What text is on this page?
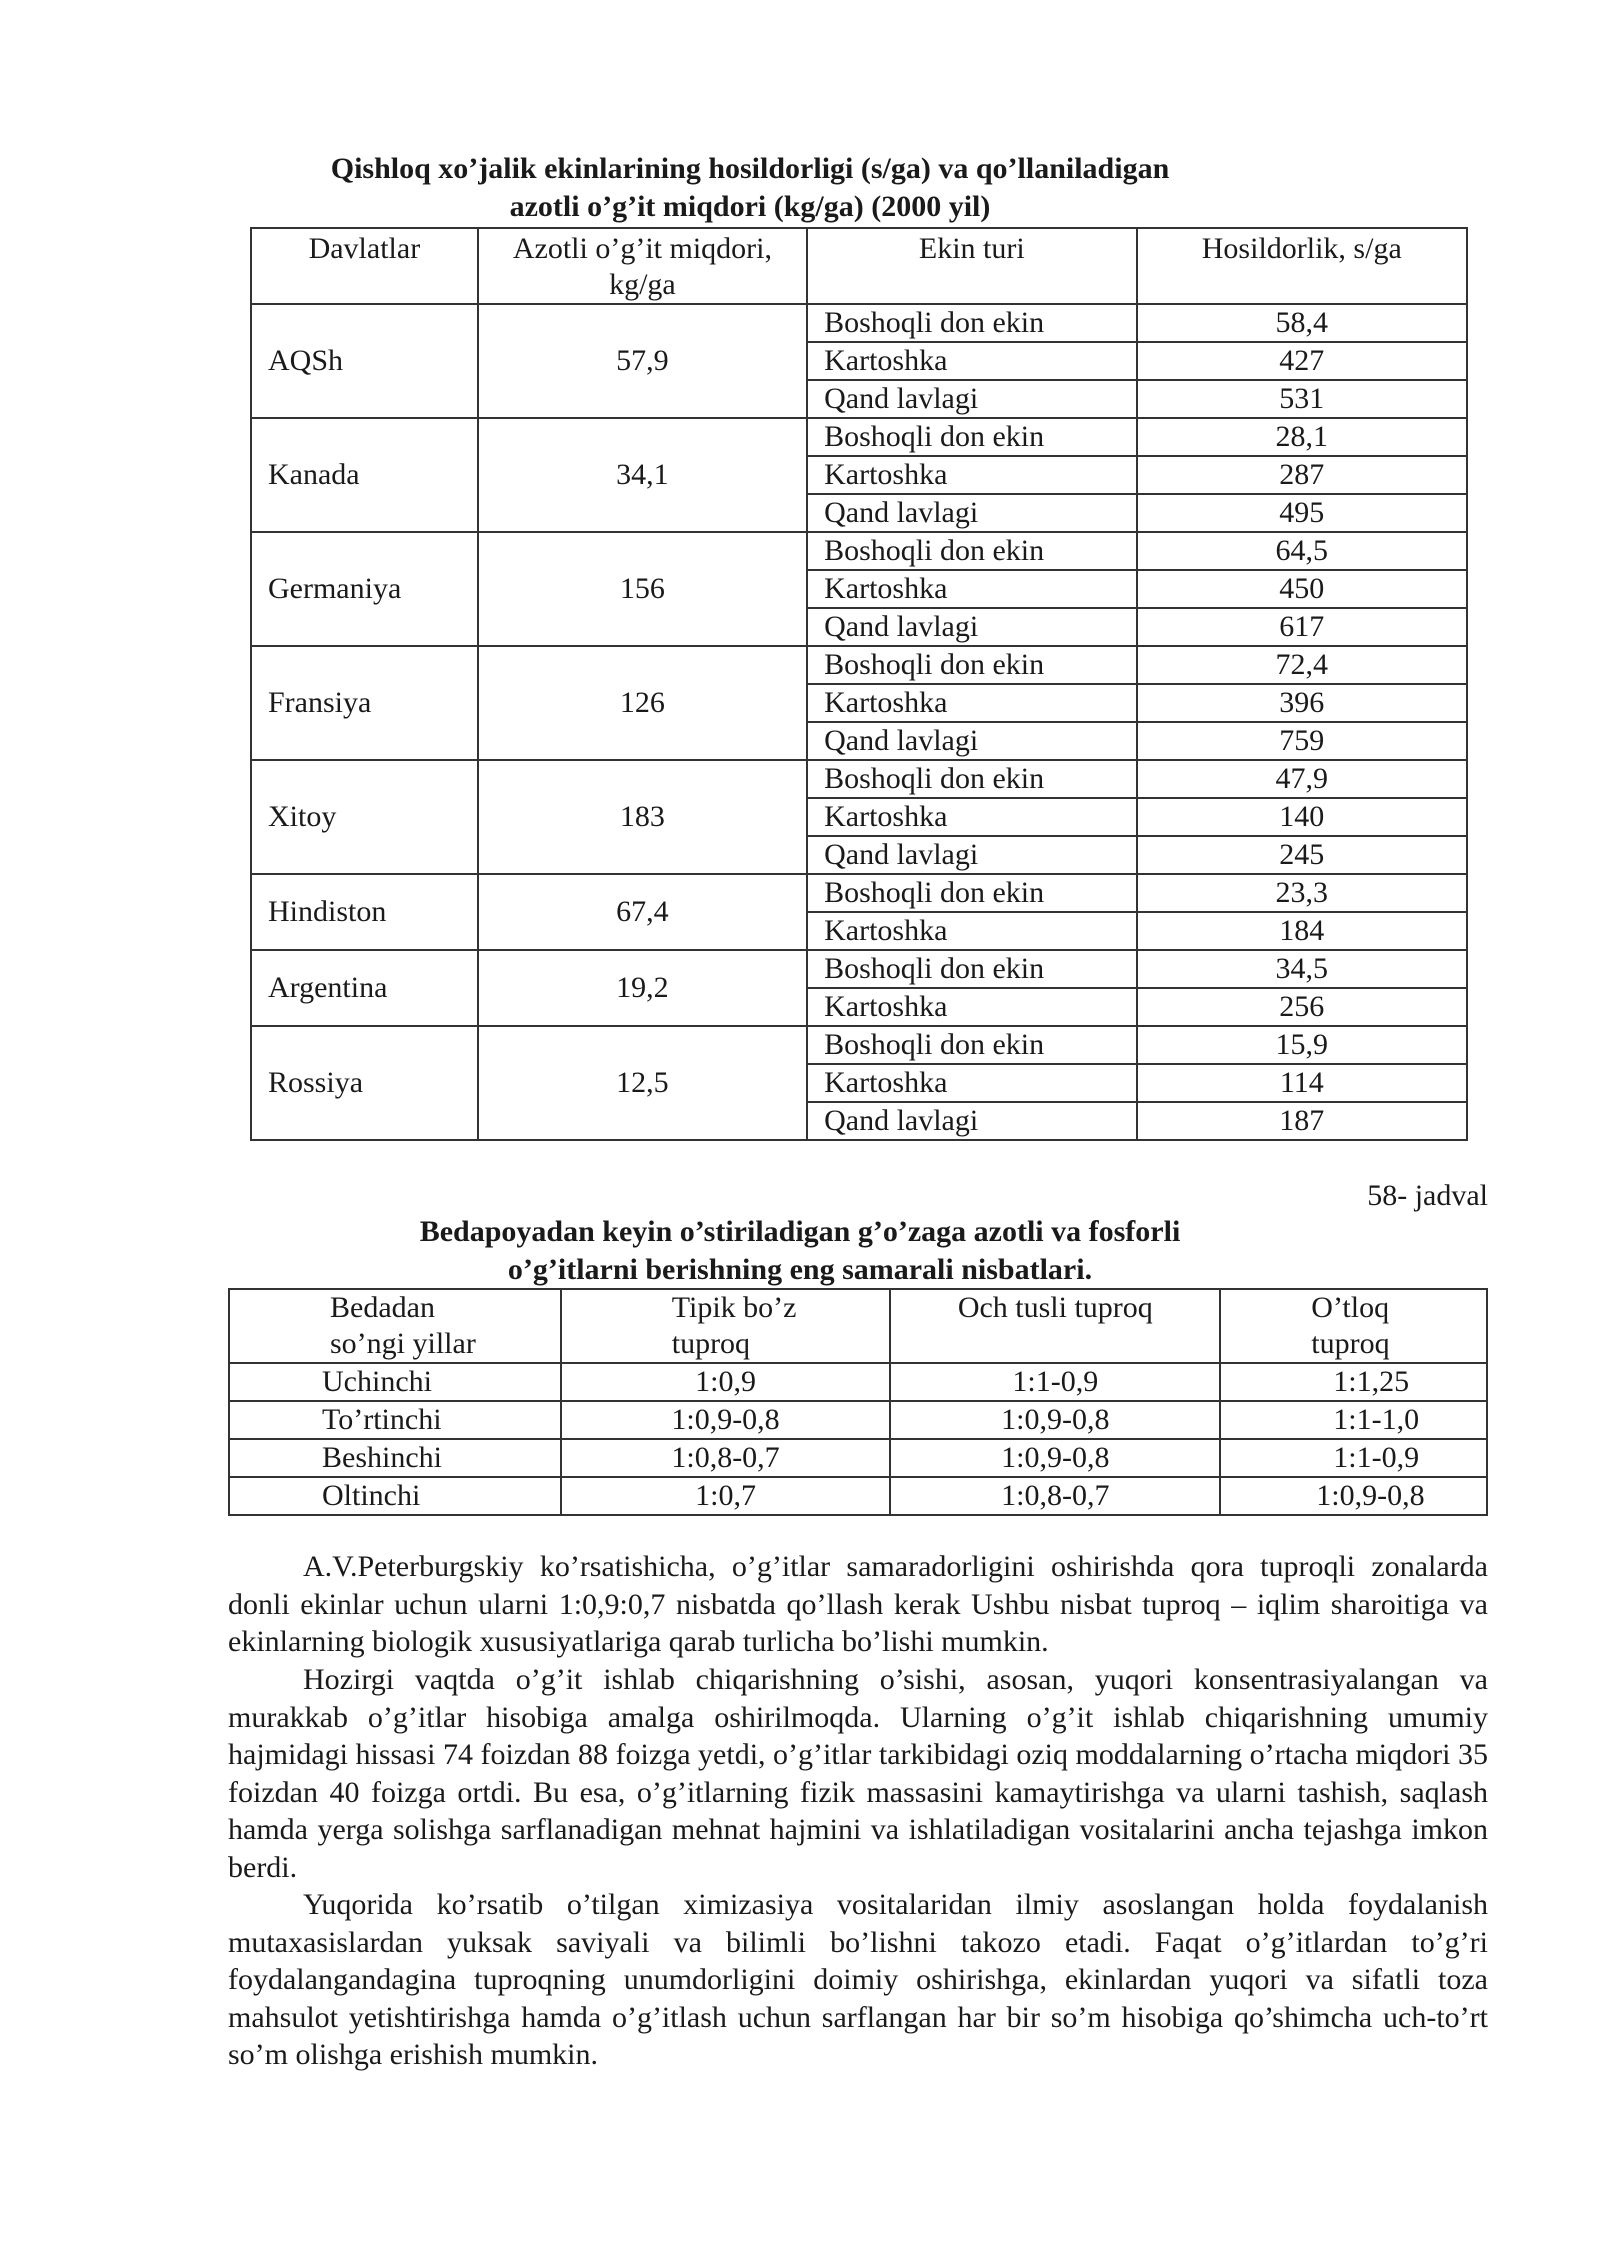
Qishloq xo’jalik ekinlarining hosildorligi (s/ga) va qo’llaniladigan
azotli o’g’it miqdori (kg/ga) (2000 yil)
Davlatlar	Azotli o’g’it miqdori, kg/ga	Ekin turi	Hosildorlik, s/ga
AQSh	57,9	Boshoqli don ekin	58,4
		Kartoshka	427
		Qand lavlagi	531
Kanada	34,1	Boshoqli don ekin	28,1
		Kartoshka	287
		Qand lavlagi	495
Germaniya	156	Boshoqli don ekin	64,5
		Kartoshka	450
		Qand lavlagi	617
Fransiya	126	Boshoqli don ekin	72,4
		Kartoshka	396
		Qand lavlagi	759
Xitoy	183	Boshoqli don ekin	47,9
		Kartoshka	140
		Qand lavlagi	245
Hindiston	67,4	Boshoqli don ekin	23,3
		Kartoshka	184
Argentina	19,2	Boshoqli don ekin	34,5
		Kartoshka	256
Rossiya	12,5	Boshoqli don ekin	15,9
		Kartoshka	114
		Qand lavlagi	187
58- jadval
Bedapoyadan keyin o’stiriladigan g’o’zaga azotli va fosforli
o’g’itlarni berishning eng samarali nisbatlari.
Bedadan so’ngi yillar	Tipik bo’z tuproq	Och tusli tuproq	O’tloq tuproq
Uchinchi	1:0,9	1:1-0,9	1:1,25
To’rtinchi	1:0,9-0,8	1:0,9-0,8	1:1-1,0
Beshinchi	1:0,8-0,7	1:0,9-0,8	1:1-0,9
Oltinchi	1:0,7	1:0,8-0,7	1:0,9-0,8

A.V.Peterburgskiy ko’rsatishicha, o’g’itlar samaradorligini oshirishda qora tuproqli zonalarda donli ekinlar uchun ularni 1:0,9:0,7 nisbatda qo’llash kerak Ushbu nisbat tuproq – iqlim sharoitiga va ekinlarning biologik xususiyatlariga qarab turlicha bo’lishi mumkin.

Hozirgi vaqtda o’g’it ishlab chiqarishning o’sishi, asosan, yuqori konsentrasiyalangan va murakkab o’g’itlar hisobiga amalga oshirilmoqda. Ularning o’g’it ishlab chiqarishning umumiy hajmidagi hissasi 74 foizdan 88 foizga yetdi, o’g’itlar tarkibidagi oziq moddalarning o’rtacha miqdori 35 foizdan 40 foizga ortdi. Bu esa, o’g’itlarning fizik massasini kamaytirishga va ularni tashish, saqlash hamda yerga solishga sarflanadigan mehnat hajmini va ishlatiladigan vositalarini ancha tejashga imkon berdi.

Yuqorida ko’rsatib o’tilgan ximizasiya vositalaridan ilmiy asoslangan holda foydalanish mutaxasislardan yuksak saviyali va bilimli bo’lishni takozo etadi. Faqat o’g’itlardan to’g’ri foydalangandagina tuproqning unumdorligini doimiy oshirishga, ekinlardan yuqori va sifatli toza mahsulot yetishtirishga hamda o’g’itlash uchun sarflangan har bir so’m hisobiga qo’shimcha uch-to’rt so’m olishga erishish mumkin.
